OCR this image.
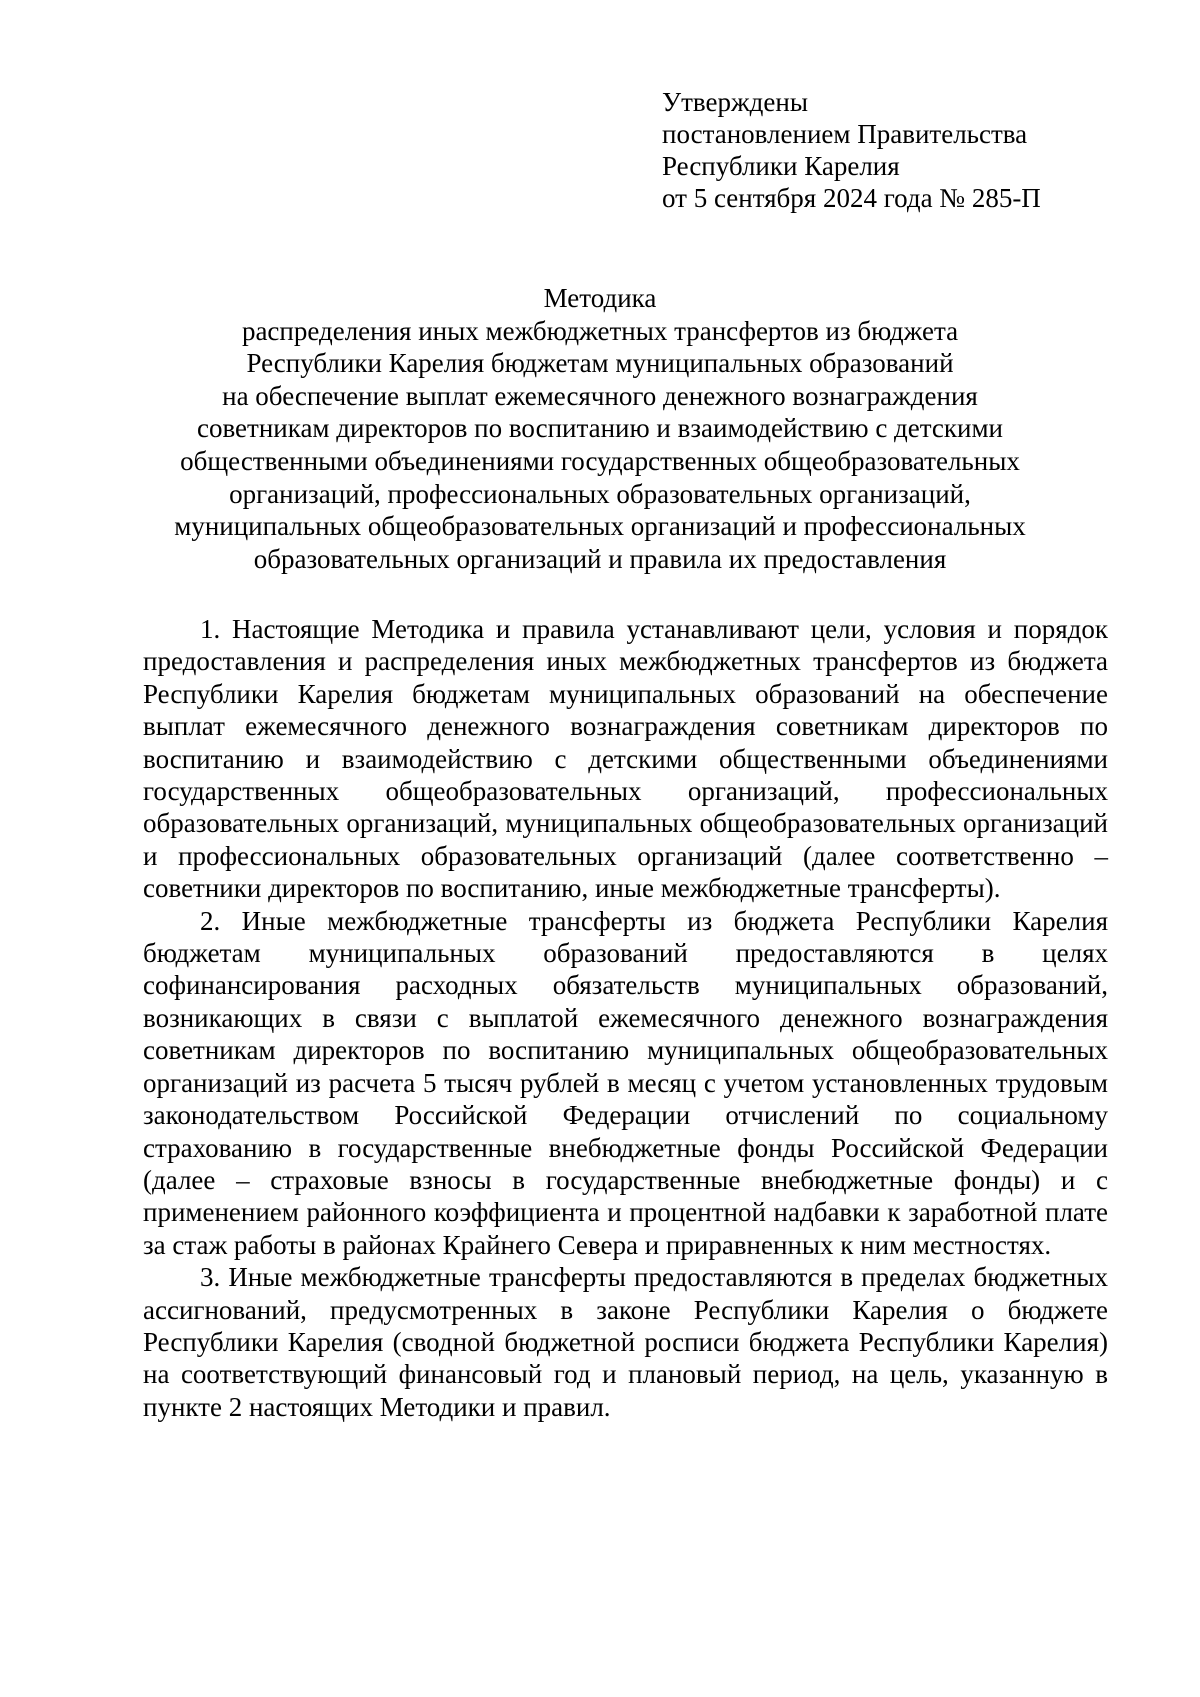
Утверждены
постановлением Правительства
Республики Карелия
от 5 сентября 2024 года № 285-П
Методика
распределения иных межбюджетных трансфертов из бюджета
Республики Карелия бюджетам муниципальных образований
на обеспечение выплат ежемесячного денежного вознаграждения
советникам директоров по воспитанию и взаимодействию с детскими
общественными объединениями государственных общеобразовательных
организаций, профессиональных образовательных организаций,
муниципальных общеобразовательных организаций и профессиональных
образовательных организаций и правила их предоставления

1. Настоящие Методика и правила устанавливают цели, условия и порядок предоставления и распределения иных межбюджетных трансфертов из бюджета Республики Карелия бюджетам муниципальных образований на обеспечение выплат ежемесячного денежного вознаграждения советникам директоров по воспитанию и взаимодействию с детскими общественными объединениями государственных общеобразовательных организаций, профессиональных образовательных организаций, муниципальных общеобразовательных организаций и профессиональных образовательных организаций (далее соответственно – советники директоров по воспитанию, иные межбюджетные трансферты).

2. Иные межбюджетные трансферты из бюджета Республики Карелия бюджетам муниципальных образований предоставляются в целях софинансирования расходных обязательств муниципальных образований, возникающих в связи с выплатой ежемесячного денежного вознаграждения советникам директоров по воспитанию муниципальных общеобразовательных организаций из расчета 5 тысяч рублей в месяц с учетом установленных трудовым законодательством Российской Федерации отчислений по социальному страхованию в государственные внебюджетные фонды Российской Федерации (далее – страховые взносы в государственные внебюджетные фонды) и с применением районного коэффициента и процентной надбавки к заработной плате за стаж работы в районах Крайнего Севера и приравненных к ним местностях.

3. Иные межбюджетные трансферты предоставляются в пределах бюджетных ассигнований, предусмотренных в законе Республики Карелия о бюджете Республики Карелия (сводной бюджетной росписи бюджета Республики Карелия) на соответствующий финансовый год и плановый период, на цель, указанную в пункте 2 настоящих Методики и правил.
